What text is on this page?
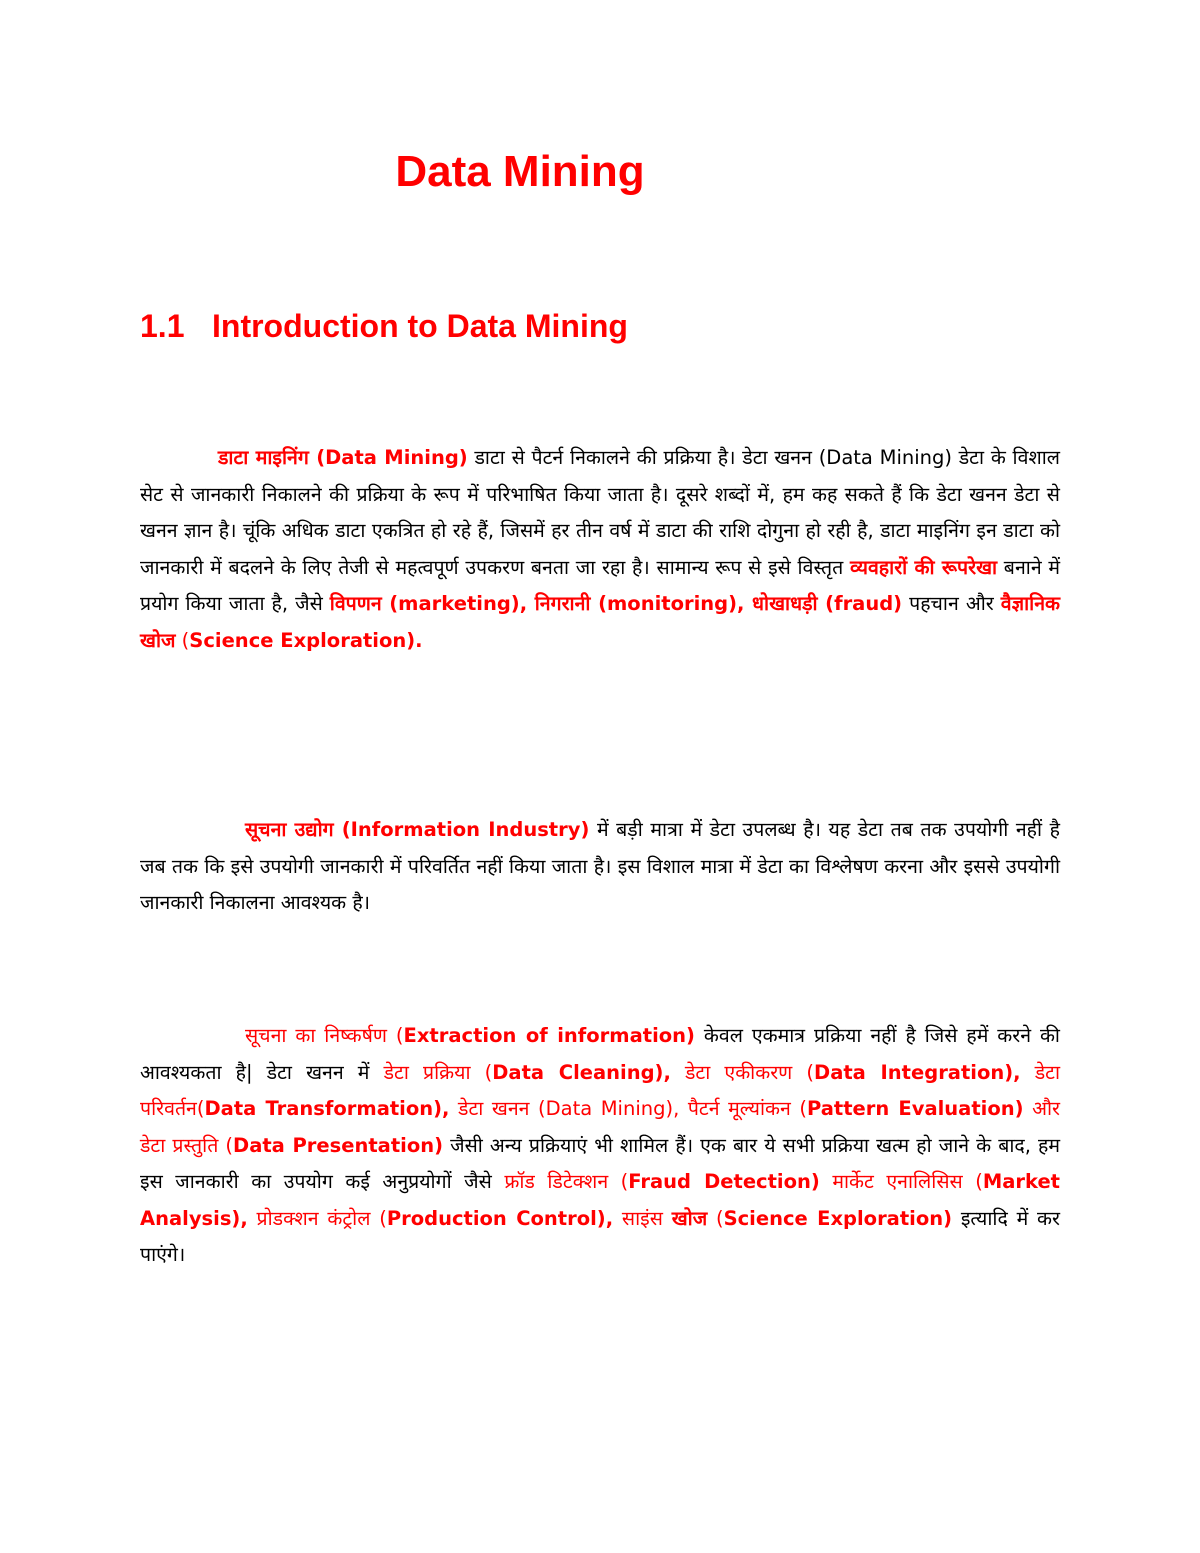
Data Mining
1.1 Introduction to Data Mining

डाटा माइनिंग (Data Mining) डाटा से पैटर्न निकालने की प्रक्रिया है। डेटा खनन (Data Mining) डेटा के विशाल सेट से जानकारी निकालने की प्रक्रिया के रूप में परिभाषित किया जाता है। दूसरे शब्दों में, हम कह सकते हैं कि डेटा खनन डेटा से खनन ज्ञान है। चूंकि अधिक डाटा एकत्रित हो रहे हैं, जिसमें हर तीन वर्ष में डाटा की राशि दोगुना हो रही है, डाटा माइनिंग इन डाटा को जानकारी में बदलने के लिए तेजी से महत्वपूर्ण उपकरण बनता जा रहा है। सामान्य रूप से इसे विस्तृत व्यवहारों की रूपरेखा बनाने में प्रयोग किया जाता है, जैसे विपणन (marketing), निगरानी (monitoring), धोखाधड़ी (fraud) पहचान और वैज्ञानिक खोज (Science Exploration).

सूचना उद्योग (Information Industry) में बड़ी मात्रा में डेटा उपलब्ध है। यह डेटा तब तक उपयोगी नहीं है जब तक कि इसे उपयोगी जानकारी में परिवर्तित नहीं किया जाता है। इस विशाल मात्रा में डेटा का विश्लेषण करना और इससे उपयोगी जानकारी निकालना आवश्यक है।

सूचना का निष्कर्षण (Extraction of information) केवल एकमात्र प्रक्रिया नहीं है जिसे हमें करने की आवश्यकता है| डेटा खनन में डेटा प्रक्रिया (Data Cleaning), डेटा एकीकरण (Data Integration), डेटा परिवर्तन(Data Transformation), डेटा खनन (Data Mining), पैटर्न मूल्यांकन (Pattern Evaluation) और डेटा प्रस्तुति (Data Presentation) जैसी अन्य प्रक्रियाएं भी शामिल हैं। एक बार ये सभी प्रक्रिया खत्म हो जाने के बाद, हम इस जानकारी का उपयोग कई अनुप्रयोगों जैसे फ्रॉड डिटेक्शन (Fraud Detection) मार्केट एनालिसिस (Market Analysis), प्रोडक्शन कंट्रोल (Production Control), साइंस खोज (Science Exploration) इत्यादि में कर पाएंगे।
